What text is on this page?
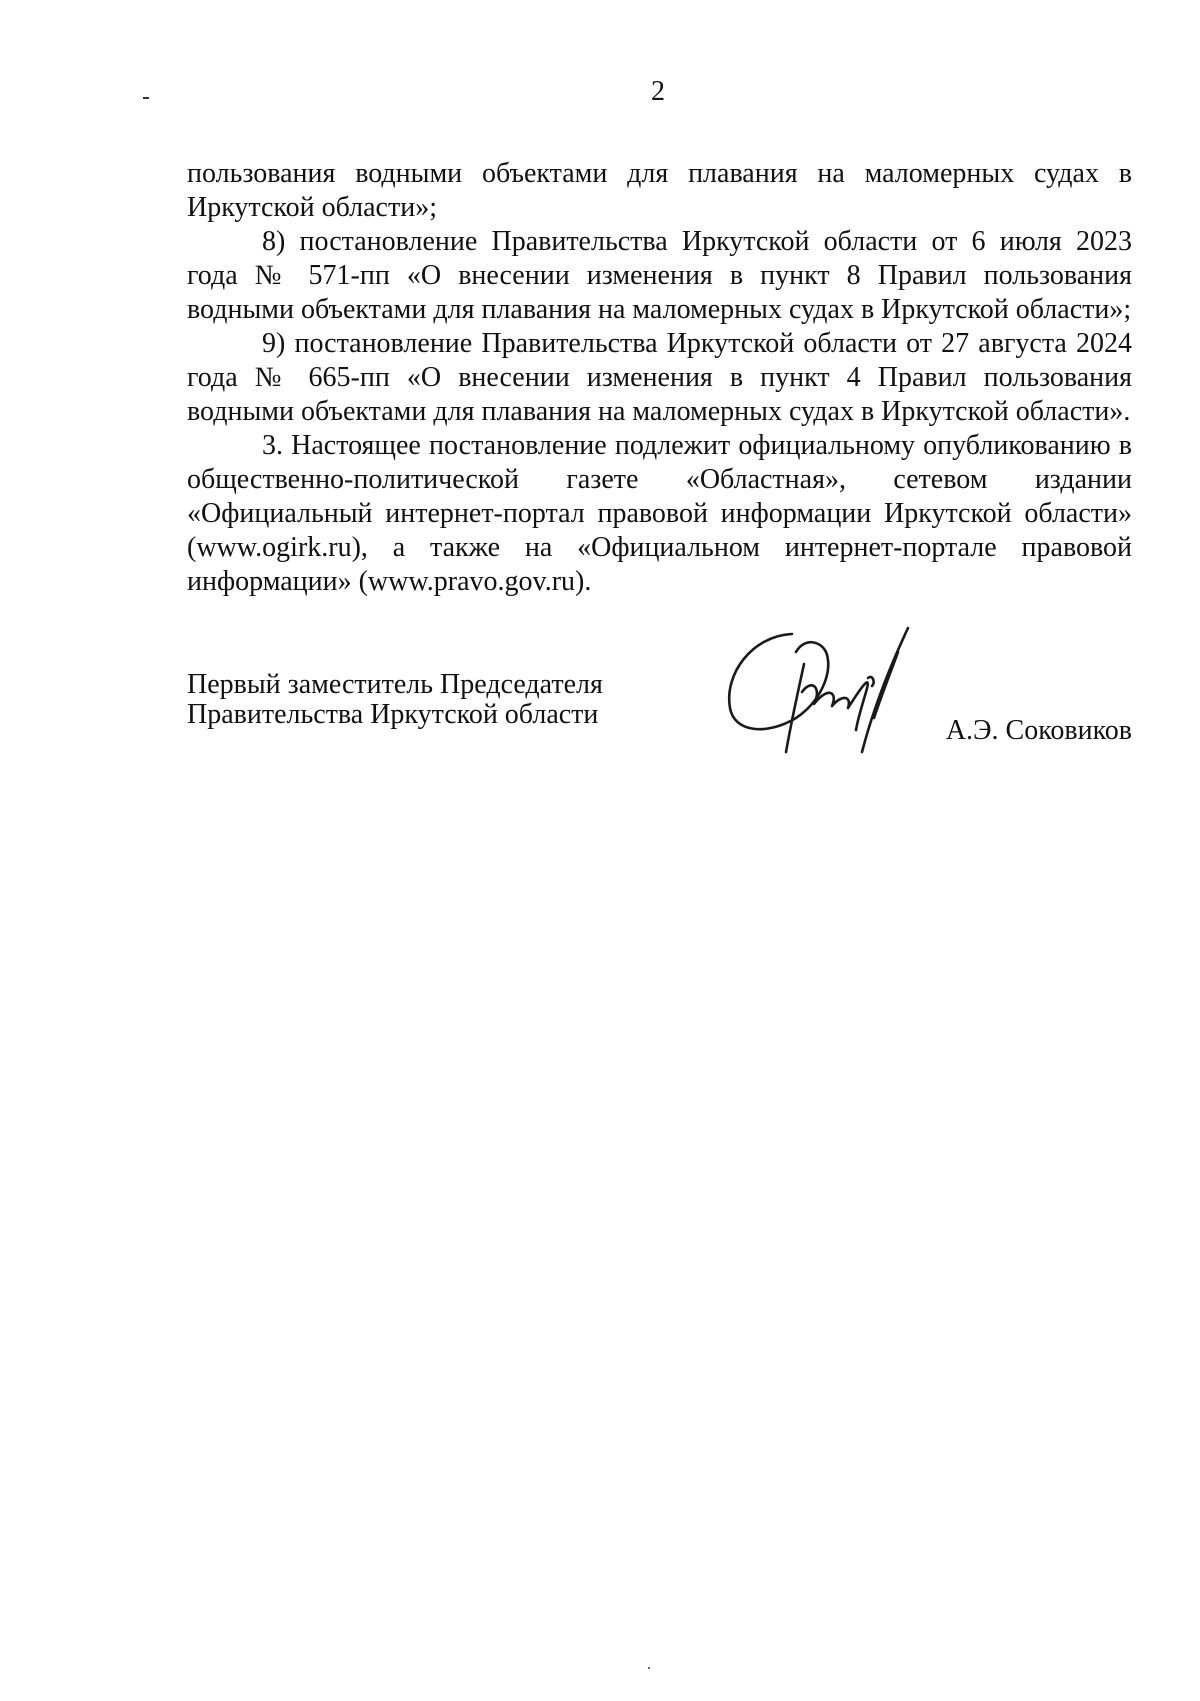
2

пользования водными объектами для плавания на маломерных судах в Иркутской области»;

8) постановление Правительства Иркутской области от 6 июля 2023 года № 571-пп «О внесении изменения в пункт 8 Правил пользования водными объектами для плавания на маломерных судах в Иркутской области»;

9) постановление Правительства Иркутской области от 27 августа 2024 года № 665-пп «О внесении изменения в пункт 4 Правил пользования водными объектами для плавания на маломерных судах в Иркутской области».

3. Настоящее постановление подлежит официальному опубликованию в общественно-политической газете «Областная», сетевом издании «Официальный интернет-портал правовой информации Иркутской области» (www.ogirk.ru), а также на «Официальном интернет-портале правовой информации» (www.pravo.gov.ru).

Первый заместитель Председателя
Правительства Иркутской области
А.Э. Соковиков
